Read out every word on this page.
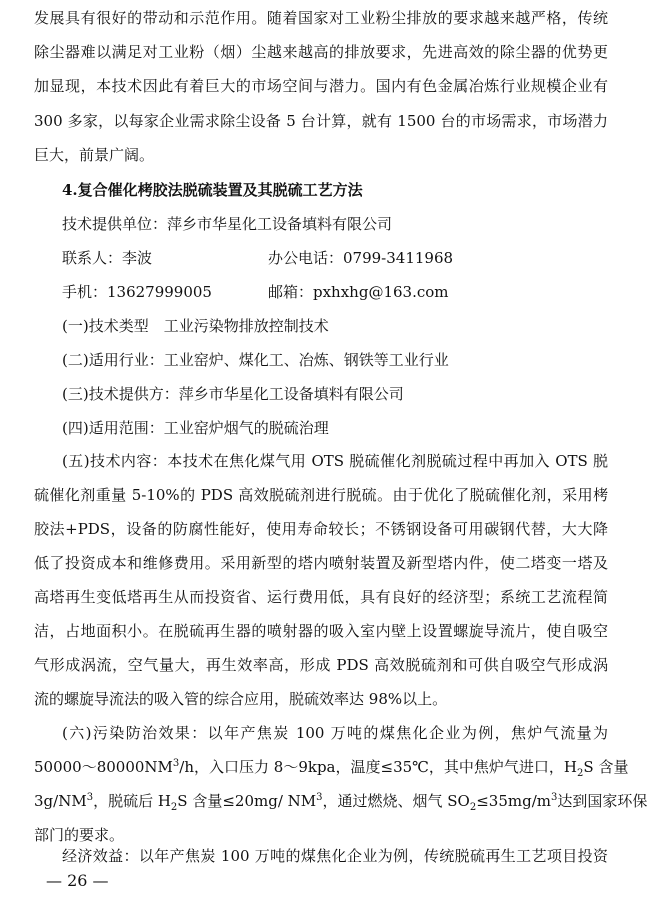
发展具有很好的带动和示范作用。随着国家对工业粉尘排放的要求越来越严格，传统
除尘器难以满足对工业粉（烟）尘越来越高的排放要求，先进高效的除尘器的优势更
加显现，本技术因此有着巨大的市场空间与潜力。国内有色金属冶炼行业规模企业有
300 多家，以每家企业需求除尘设备 5 台计算，就有 1500 台的市场需求，市场潜力
巨大，前景广阔。
4.复合催化栲胶法脱硫装置及其脱硫工艺方法
技术提供单位：萍乡市华星化工设备填料有限公司
联系人：李波	办公电话：0799-3411968
手机：13627999005	邮箱：pxhxhg@163.com
(一)技术类型　工业污染物排放控制技术
(二)适用行业：工业窑炉、煤化工、冶炼、钢铁等工业行业
(三)技术提供方：萍乡市华星化工设备填料有限公司
(四)适用范围：工业窑炉烟气的脱硫治理
(五)技术内容：本技术在焦化煤气用 OTS 脱硫催化剂脱硫过程中再加入 OTS 脱
硫催化剂重量 5-10%的 PDS 高效脱硫剂进行脱硫。由于优化了脱硫催化剂，采用栲
胶法+PDS，设备的防腐性能好，使用寿命较长；不锈钢设备可用碳钢代替，大大降
低了投资成本和维修费用。采用新型的塔内喷射装置及新型塔内件，使二塔变一塔及
高塔再生变低塔再生从而投资省、运行费用低，具有良好的经济型；系统工艺流程简
洁，占地面积小。在脱硫再生器的喷射器的吸入室内壁上设置螺旋导流片，使自吸空
气形成涡流，空气量大，再生效率高，形成 PDS 高效脱硫剂和可供自吸空气形成涡
流的螺旋导流法的吸入管的综合应用，脱硫效率达 98%以上。
(六)污染防治效果：以年产焦炭 100 万吨的煤焦化企业为例，焦炉气流量为
$50000\sim 80000NM^3/h$，入口压力 8～9kpa，温度≤35℃，其中焦炉气进口，$H_2S$ 含量
$3g/NM^3$，脱硫后 $H_2S$ 含量≤20mg/ $NM^3$，通过燃烧、烟气 $SO_2\le 35mg/m^3$达到国家环保
部门的要求。
经济效益：以年产焦炭 100 万吨的煤焦化企业为例，传统脱硫再生工艺项目投资
— 26 —
